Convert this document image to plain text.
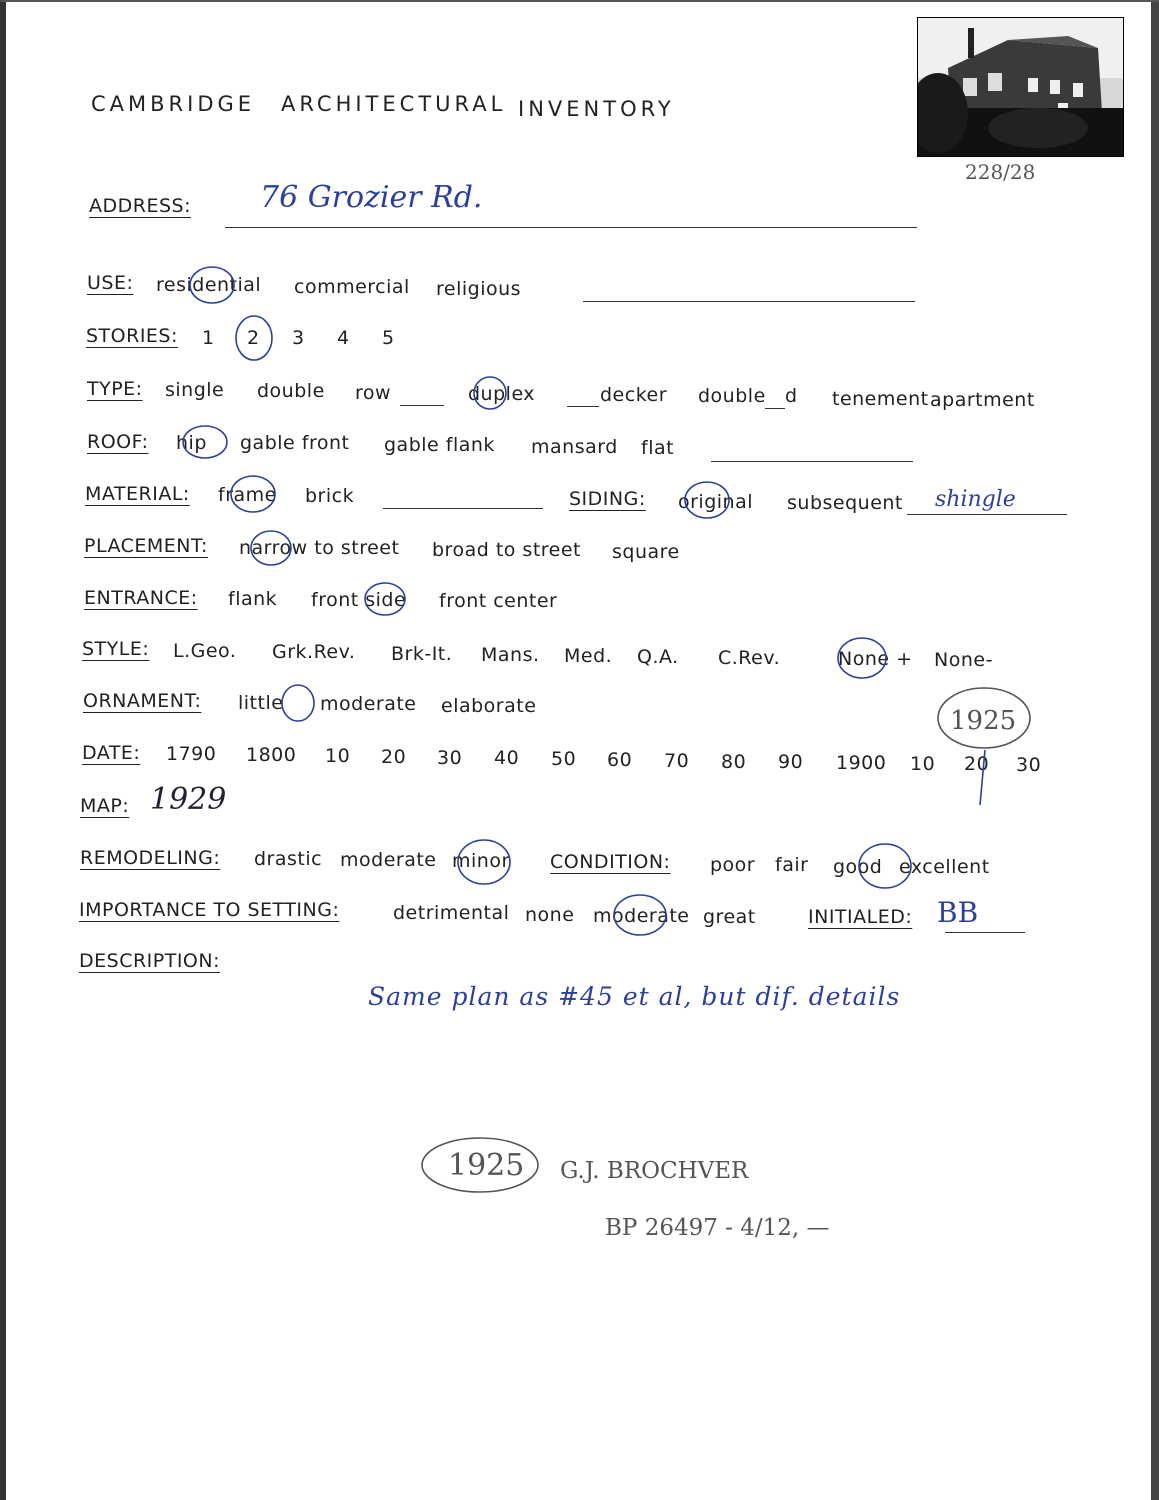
CAMBRIDGE ARCHITECTURAL INVENTORY
228/28
ADDRESS: 76 Grozier Rd.
USE: residential commercial religious
STORIES: 1 2 3 4 5
TYPE: single double row	duplex	decker double d tenement apartment
ROOF: hip gable front gable flank mansard flat
MATERIAL: frame brick	SIDING: original subsequent shingle
PLACEMENT: narrow to street broad to street square
ENTRANCE: flank front side front center
STYLE: L.Geo. Grk.Rev. Brk-It. Mans. Med. Q.A. C.Rev.	None + None-
ORNAMENT: little moderate elaborate
DATE: 1790 1800 10 20 30 40 50 60 70 80 90 1900 10 20 30
1925
MAP: 1929
REMODELING: drastic moderate minor CONDITION: poor fair good excellent
IMPORTANCE TO SETTING:	detrimental none moderate great	INITIALED: BB
DESCRIPTION:
Same plan as #45 et al, but dif. details
1925 G.J. BROCHVER
BP 26497 - 4/12, —
